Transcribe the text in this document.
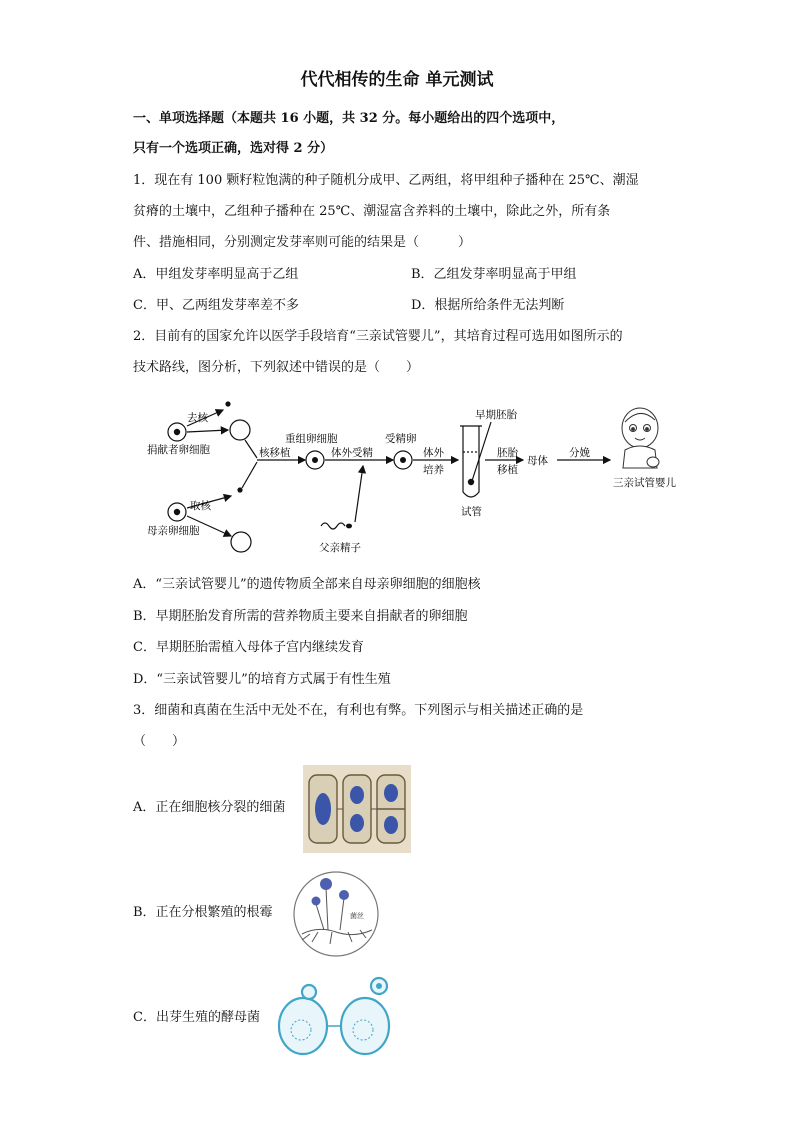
代代相传的生命 单元测试
一、单项选择题（本题共 16 小题，共 32 分。每小题给出的四个选项中，
只有一个选项正确，选对得 2 分）
1．现在有 100 颗籽粒饱满的种子随机分成甲、乙两组，将甲组种子播种在 25℃、潮湿
贫瘠的土壤中，乙组种子播种在 25℃、潮湿富含养料的土壤中，除此之外，所有条
件、措施相同，分别测定发芽率则可能的结果是（　　　）
A．甲组发芽率明显高于乙组	B．乙组发芽率明显高于甲组
C．甲、乙两组发芽率差不多	D．根据所给条件无法判断
2．目前有的国家允许以医学手段培育“三亲试管婴儿”，其培育过程可选用如图所示的
技术路线，图分析，下列叙述中错误的是（　　）
去核
捐献者卵细胞
取核
母亲卵细胞
核移植
重组卵细胞
体外受精
受精卵
体外
培养
早期胚胎
胚胎
移植
试管
母体
分娩
父亲精子
三亲试管婴儿
A．“三亲试管婴儿”的遗传物质全部来自母亲卵细胞的细胞核
B．早期胚胎发育所需的营养物质主要来自捐献者的卵细胞
C．早期胚胎需植入母体子宫内继续发育
D．“三亲试管婴儿”的培育方式属于有性生殖
3．细菌和真菌在生活中无处不在，有利也有弊。下列图示与相关描述正确的是
（　　）
A．正在细胞核分裂的细菌
B．正在分根繁殖的根霉	菌丝
C．出芽生殖的酵母菌
